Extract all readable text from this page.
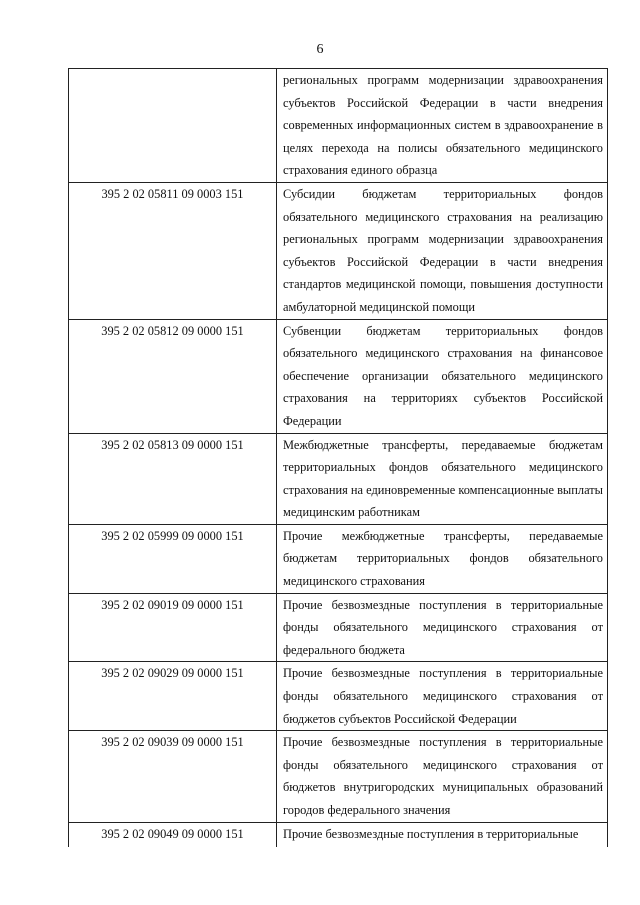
6
	региональных программ модернизации здравоохранения субъектов Российской Федерации в части внедрения современных информационных систем в здравоохранение в целях перехода на полисы обязательного медицинского страхования единого образца
395 2 02 05811 09 0003 151	Субсидии бюджетам территориальных фондов обязательного медицинского страхования на реализацию региональных программ модернизации здравоохранения субъектов Российской Федерации в части внедрения стандартов медицинской помощи, повышения доступности амбулаторной медицинской помощи
395 2 02 05812 09 0000 151	Субвенции бюджетам территориальных фондов обязательного медицинского страхования на финансовое обеспечение организации обязательного медицинского страхования на территориях субъектов Российской Федерации
395 2 02 05813 09 0000 151	Межбюджетные трансферты, передаваемые бюджетам территориальных фондов обязательного медицинского страхования на единовременные компенсационные выплаты медицинским работникам
395 2 02 05999 09 0000 151	Прочие межбюджетные трансферты, передаваемые бюджетам территориальных фондов обязательного медицинского страхования
395 2 02 09019 09 0000 151	Прочие безвозмездные поступления в территориальные фонды обязательного медицинского страхования от федерального бюджета
395 2 02 09029 09 0000 151	Прочие безвозмездные поступления в территориальные фонды обязательного медицинского страхования от бюджетов субъектов Российской Федерации
395 2 02 09039 09 0000 151	Прочие безвозмездные поступления в территориальные фонды обязательного медицинского страхования от бюджетов внутригородских муниципальных образований городов федерального значения
395 2 02 09049 09 0000 151	Прочие безвозмездные поступления в территориальные
